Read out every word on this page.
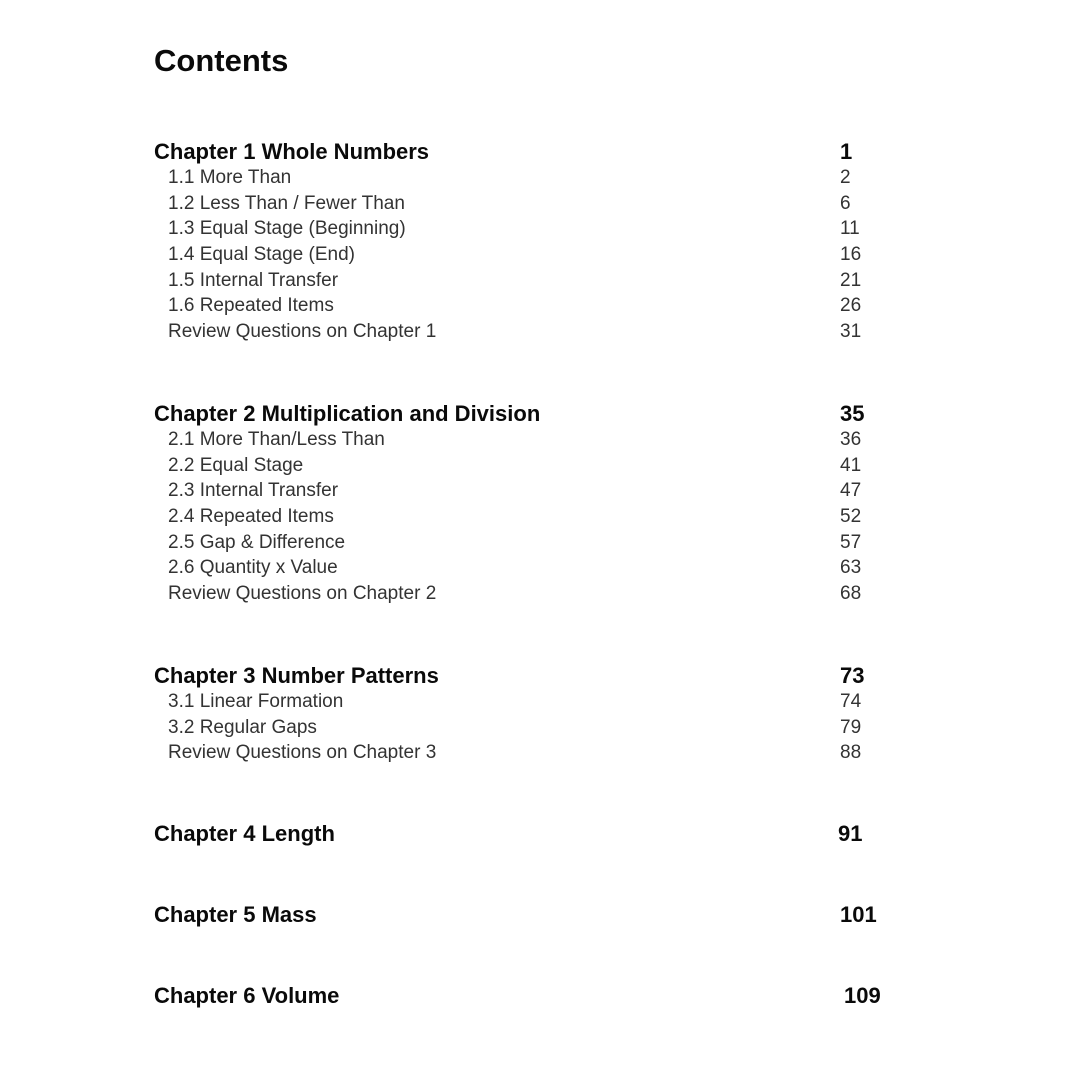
Contents
Chapter 1 Whole Numbers	1
1.1 More Than	2
1.2 Less Than / Fewer Than	6
1.3 Equal Stage (Beginning)	11
1.4 Equal Stage (End)	16
1.5 Internal Transfer	21
1.6 Repeated Items	26
Review Questions on Chapter 1	31
Chapter 2 Multiplication and Division	35
2.1 More Than/Less Than	36
2.2 Equal Stage	41
2.3 Internal Transfer	47
2.4 Repeated Items	52
2.5 Gap & Difference	57
2.6 Quantity x Value	63
Review Questions on Chapter 2	68
Chapter 3 Number Patterns	73
3.1 Linear Formation	74
3.2 Regular Gaps	79
Review Questions on Chapter 3	88
Chapter 4 Length	91
Chapter 5 Mass	101
Chapter 6 Volume	109
